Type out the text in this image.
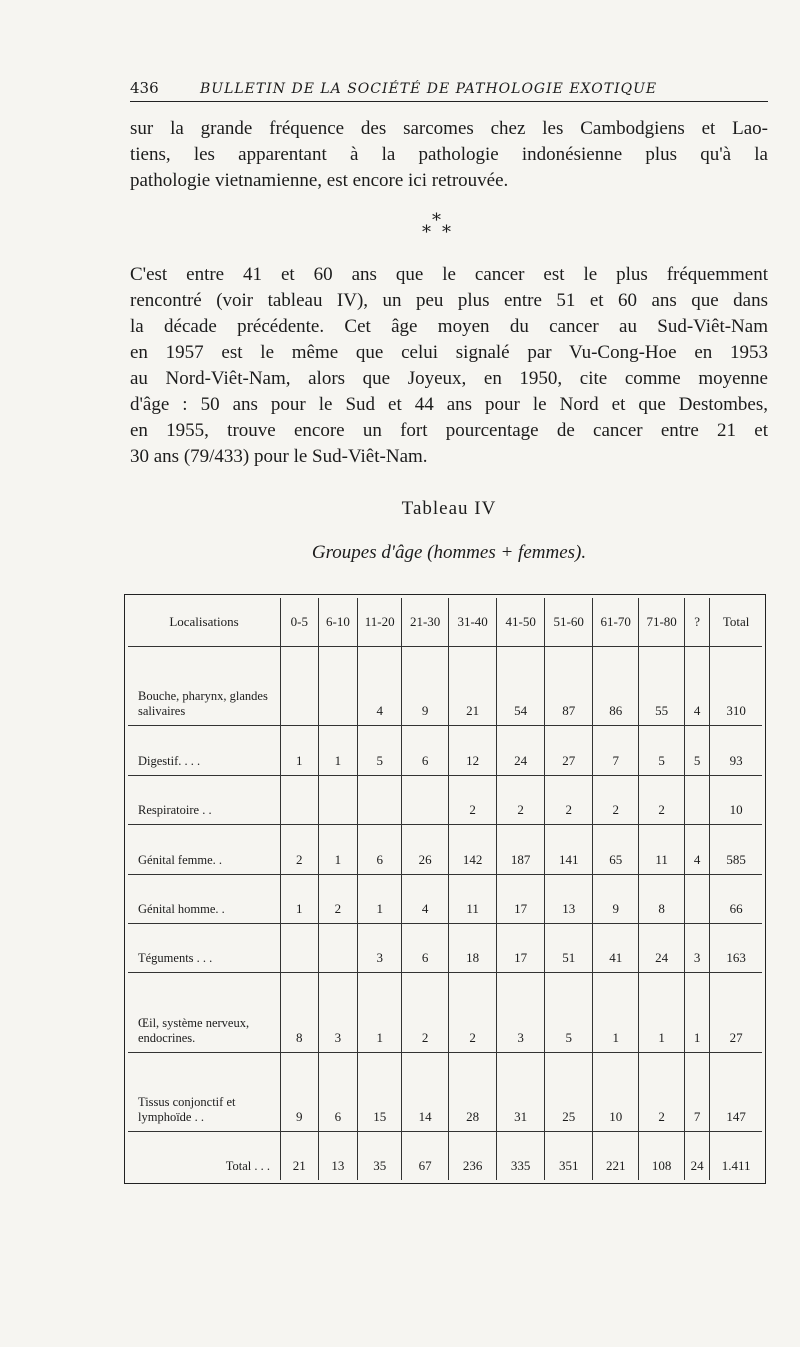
436	BULLETIN DE LA SOCIÉTÉ DE PATHOLOGIE EXOTIQUE
sur la grande fréquence des sarcomes chez les Cambodgiens et Lao-
tiens, les apparentant à la pathologie indonésienne plus qu'à la
pathologie vietnamienne, est encore ici retrouvée.
*
* *
C'est entre 41 et 60 ans que le cancer est le plus fréquemment
rencontré (voir tableau IV), un peu plus entre 51 et 60 ans que dans
la décade précédente. Cet âge moyen du cancer au Sud-Viêt-Nam
en 1957 est le même que celui signalé par Vu-Cong-Hoe en 1953
au Nord-Viêt-Nam, alors que Joyeux, en 1950, cite comme moyenne
d'âge : 50 ans pour le Sud et 44 ans pour le Nord et que Destombes,
en 1955, trouve encore un fort pourcentage de cancer entre 21 et
30 ans (79/433) pour le Sud-Viêt-Nam.
Tableau IV
Groupes d'âge (hommes + femmes).
Localisations	0-5	6-10	11-20	21-30	31-40	41-50	51-60	61-70	71-80	?	Total
Bouche, pharynx, glandes salivaires			4	9	21	54	87	86	55	4	310
Digestif. . . .	1	1	5	6	12	24	27	7	5	5	93
Respiratoire . .					2	2	2	2	2		10
Génital femme. .	2	1	6	26	142	187	141	65	11	4	585
Génital homme. .	1	2	1	4	11	17	13	9	8		66
Téguments . . .			3	6	18	17	51	41	24	3	163
Œil, système nerveux, endocrines.	8	3	1	2	2	3	5	1	1	1	27
Tissus conjonctif et lymphoïde . .	9	6	15	14	28	31	25	10	2	7	147
Total . . .	21	13	35	67	236	335	351	221	108	24	1.411
